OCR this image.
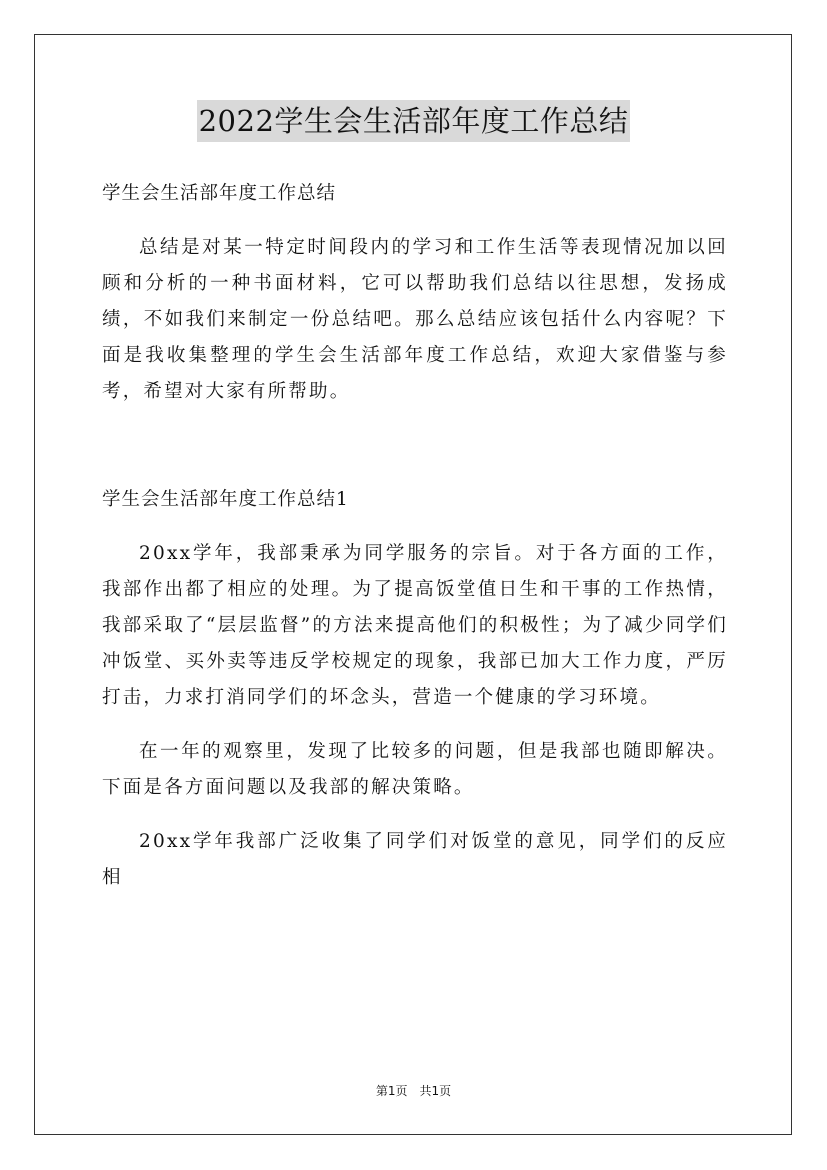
2022学生会生活部年度工作总结

学生会生活部年度工作总结

总结是对某一特定时间段内的学习和工作生活等表现情况加以回顾和分析的一种书面材料，它可以帮助我们总结以往思想，发扬成绩，不如我们来制定一份总结吧。那么总结应该包括什么内容呢？下面是我收集整理的学生会生活部年度工作总结，欢迎大家借鉴与参考，希望对大家有所帮助。

学生会生活部年度工作总结1

20xx学年，我部秉承为同学服务的宗旨。对于各方面的工作，我部作出都了相应的处理。为了提高饭堂值日生和干事的工作热情，我部采取了“层层监督”的方法来提高他们的积极性；为了减少同学们冲饭堂、买外卖等违反学校规定的现象，我部已加大工作力度，严厉打击，力求打消同学们的坏念头，营造一个健康的学习环境。

在一年的观察里，发现了比较多的问题，但是我部也随即解决。下面是各方面问题以及我部的解决策略。

20xx学年我部广泛收集了同学们对饭堂的意见，同学们的反应相

第1页 共1页
